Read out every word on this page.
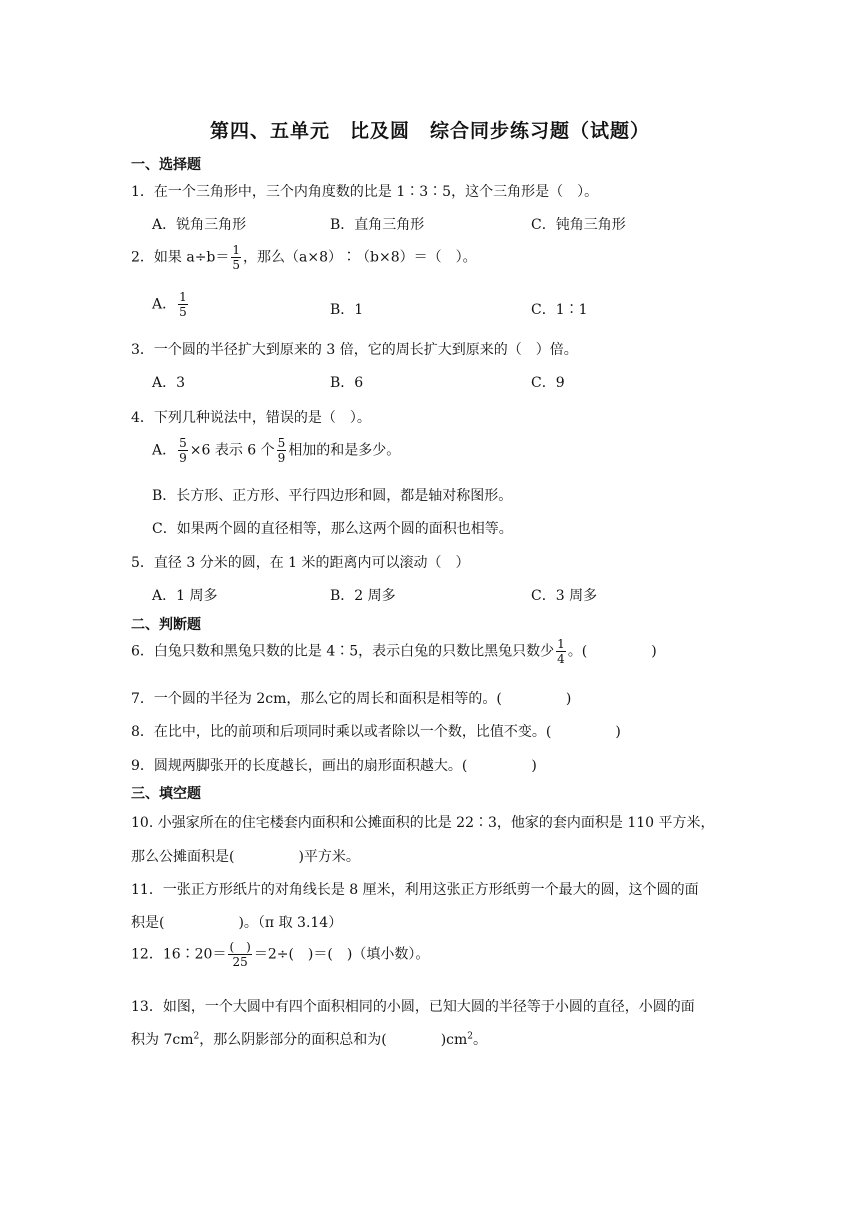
第四、五单元　比及圆　综合同步练习题（试题）
一、选择题
1．在一个三角形中，三个内角度数的比是 1∶3∶5，这个三角形是（　）。
A．锐角三角形	B．直角三角形	C．钝角三角形
2．如果 $a\div b= \frac{1}{5}$ ，那么（a×8）∶（b×8）＝（　）。
A． $\frac{1}{5}$	B．1	C．1∶1
3．一个圆的半径扩大到原来的 3 倍，它的周长扩大到原来的（　）倍。
A．3	B．6	C．9
4．下列几种说法中，错误的是（　）。
A． $\frac{5}{9} \times 6$ 表示 6 个 $\frac{5}{9}$ 相加的和是多少。
B．长方形、正方形、平行四边形和圆，都是轴对称图形。
C．如果两个圆的直径相等，那么这两个圆的面积也相等。
5．直径 3 分米的圆，在 1 米的距离内可以滚动（　）
A．1 周多	B．2 周多	C．3 周多
二、判断题
6．白兔只数和黑兔只数的比是 4∶5，表示白兔的只数比黑兔只数少 $\frac{1}{4}$ 。(	)
7．一个圆的半径为 2cm，那么它的周长和面积是相等的。(	)
8．在比中，比的前项和后项同时乘以或者除以一个数，比值不变。(	)
9．圆规两脚张开的长度越长，画出的扇形面积越大。(	)
三、填空题
10. 小强家所在的住宅楼套内面积和公摊面积的比是 22∶3，他家的套内面积是 110 平方米，
那么公摊面积是(	)平方米。
11．一张正方形纸片的对角线长是 8 厘米，利用这张正方形纸剪一个最大的圆，这个圆的面
积是(	)。（π 取 3.14）
12．16∶20＝ $\frac{( )}{25} =2\div$(　)＝(　)（填小数）。
13．如图，一个大圆中有四个面积相同的小圆，已知大圆的半径等于小圆的直径，小圆的面
积为 $7cm^2$，那么阴影部分的面积总和为(	)$cm^2$。
